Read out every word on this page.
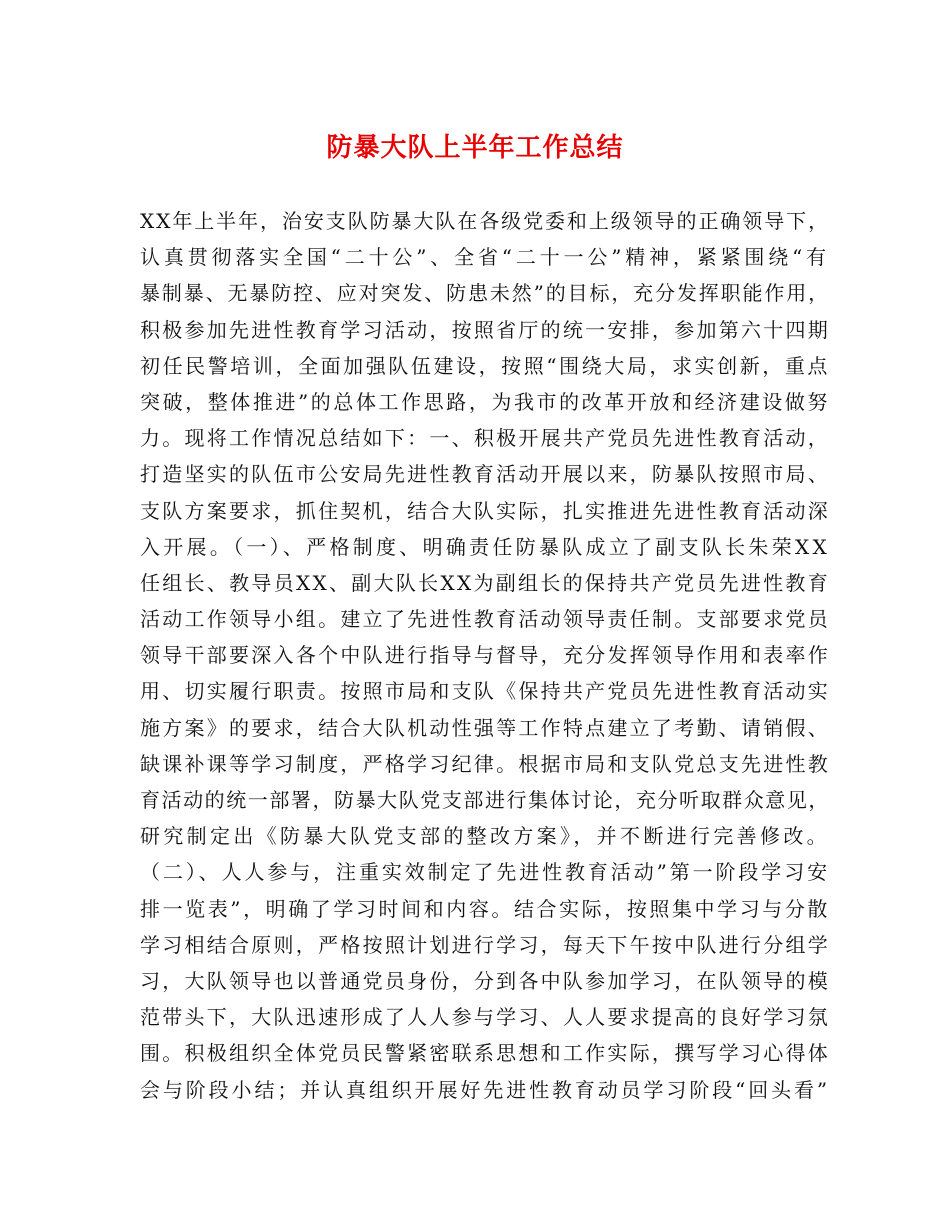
防暴大队上半年工作总结
XX年上半年，治安支队防暴大队在各级党委和上级领导的正确领导下，
认真贯彻落实全国“二十公”、全省“二十一公”精神，紧紧围绕“有
暴制暴、无暴防控、应对突发、防患未然”的目标，充分发挥职能作用，
积极参加先进性教育学习活动，按照省厅的统一安排，参加第六十四期
初任民警培训，全面加强队伍建设，按照“围绕大局，求实创新，重点
突破，整体推进”的总体工作思路，为我市的改革开放和经济建设做努
力。现将工作情况总结如下：一、积极开展共产党员先进性教育活动，
打造坚实的队伍市公安局先进性教育活动开展以来，防暴队按照市局、
支队方案要求，抓住契机，结合大队实际，扎实推进先进性教育活动深
入开展。（一）、严格制度、明确责任防暴队成立了副支队长朱荣XX
任组长、教导员XX、副大队长XX为副组长的保持共产党员先进性教育
活动工作领导小组。建立了先进性教育活动领导责任制。支部要求党员
领导干部要深入各个中队进行指导与督导，充分发挥领导作用和表率作
用、切实履行职责。按照市局和支队《保持共产党员先进性教育活动实
施方案》的要求，结合大队机动性强等工作特点建立了考勤、请销假、
缺课补课等学习制度，严格学习纪律。根据市局和支队党总支先进性教
育活动的统一部署，防暴大队党支部进行集体讨论，充分听取群众意见，
研究制定出《防暴大队党支部的整改方案》，并不断进行完善修改。
（二）、人人参与，注重实效制定了先进性教育活动”第一阶段学习安
排一览表”，明确了学习时间和内容。结合实际，按照集中学习与分散
学习相结合原则，严格按照计划进行学习，每天下午按中队进行分组学
习，大队领导也以普通党员身份，分到各中队参加学习，在队领导的模
范带头下，大队迅速形成了人人参与学习、人人要求提高的良好学习氛
围。积极组织全体党员民警紧密联系思想和工作实际，撰写学习心得体
会与阶段小结；并认真组织开展好先进性教育动员学习阶段“回头看”
